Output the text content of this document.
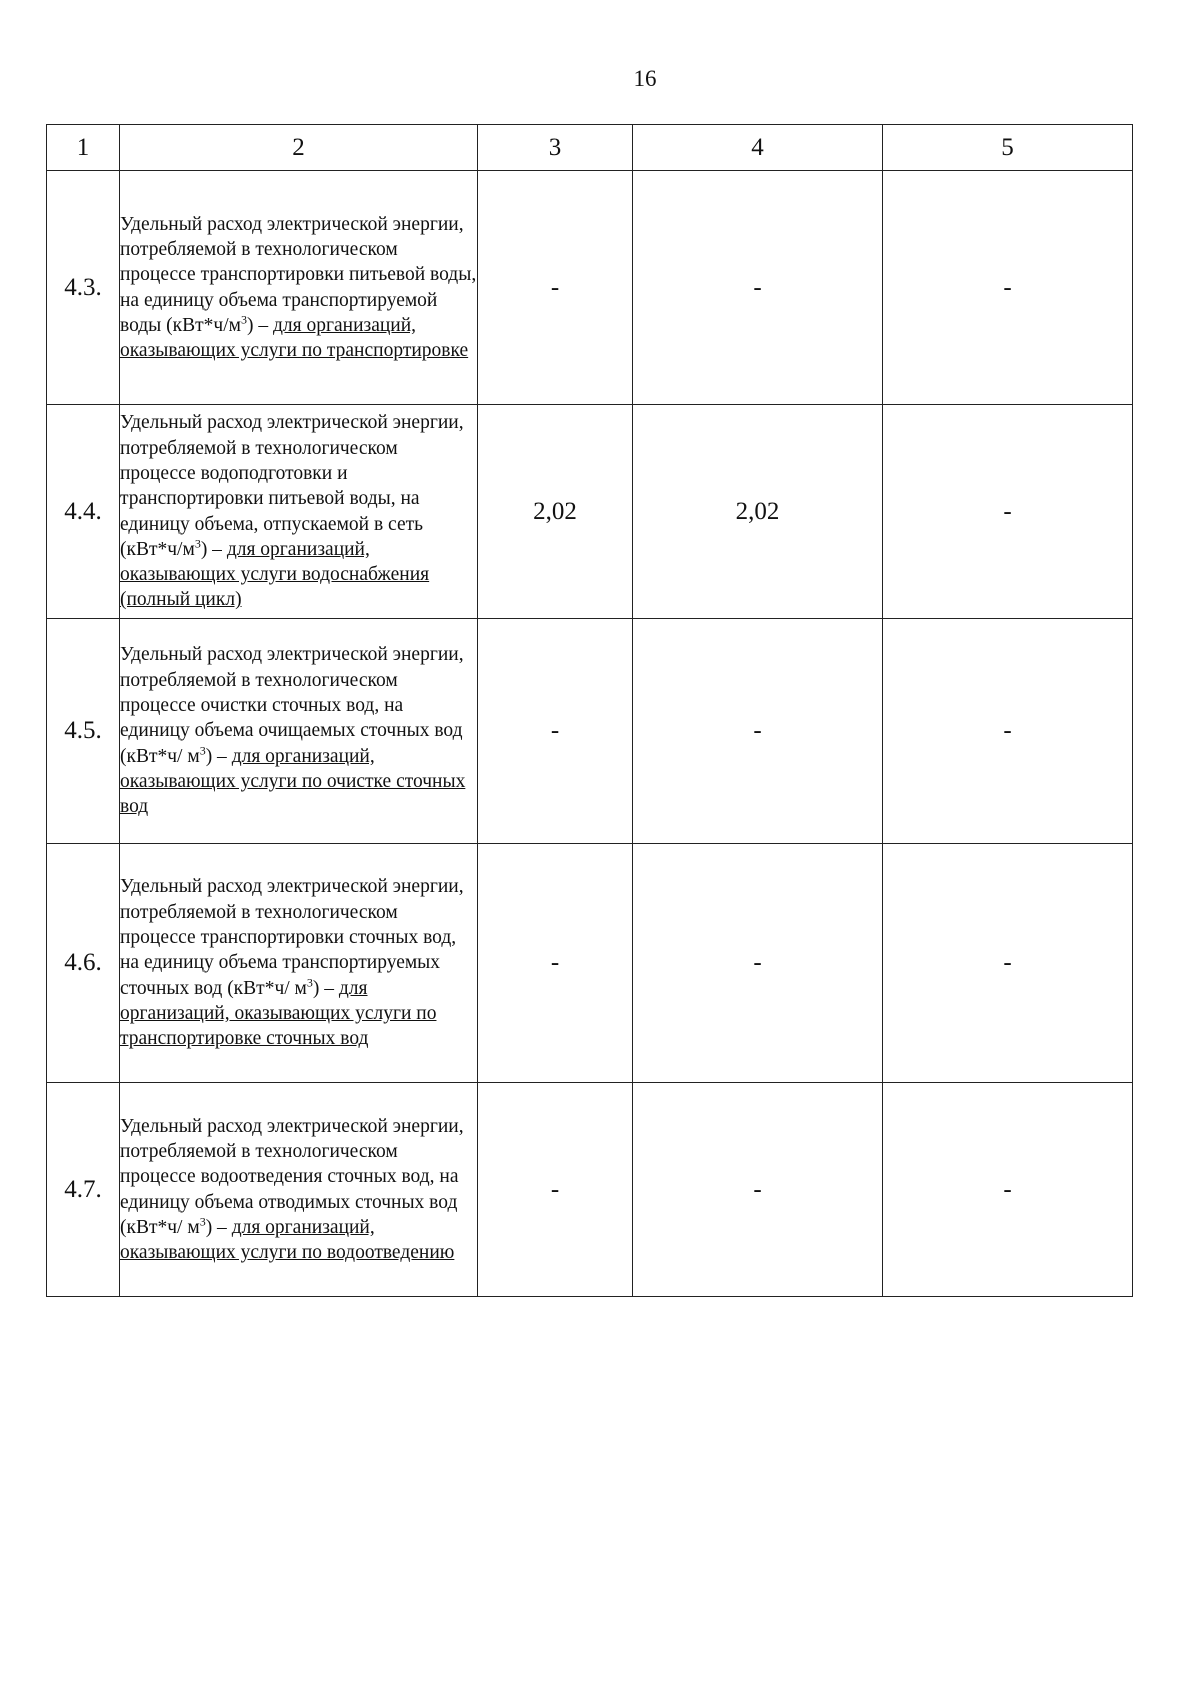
16
1	2	3	4	5
4.3.	Удельный расход электрической энергии, потребляемой в технологическом процессе транспортировки питьевой воды, на единицу объема транспортируемой воды $(кВт*ч/м^3)$ – для организаций, оказывающих услуги по транспортировке	-	-	-
4.4.	Удельный расход электрической энергии, потребляемой в технологическом процессе водоподготовки и транспортировки питьевой воды, на единицу объема, отпускаемой в сеть $(кВт*ч/м^3)$ – для организаций, оказывающих услуги водоснабжения (полный цикл)	2,02	2,02	-
4.5.	Удельный расход электрической энергии, потребляемой в технологическом процессе очистки сточных вод, на единицу объема очищаемых сточных вод (кВт*ч/ $м^3$) – для организаций, оказывающих услуги по очистке сточных вод	-	-	-
4.6.	Удельный расход электрической энергии, потребляемой в технологическом процессе транспортировки сточных вод, на единицу объема транспортируемых сточных вод (кВт*ч/ $м^3$) – для организаций, оказывающих услуги по транспортировке сточных вод	-	-	-
4.7.	Удельный расход электрической энергии, потребляемой в технологическом процессе водоотведения сточных вод, на единицу объема отводимых сточных вод (кВт*ч/ $м^3$) – для организаций, оказывающих услуги по водоотведению	-	-	-
